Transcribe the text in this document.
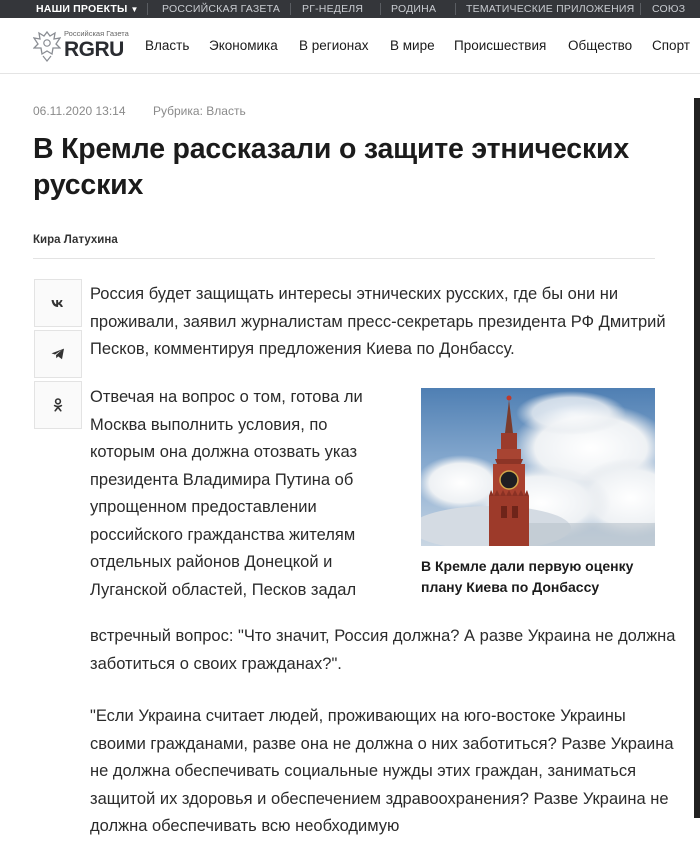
НАШИ ПРОЕКТЫ ▼ РОССИЙСКАЯ ГАЗЕТА РГ-НЕДЕЛЯ	РОДИНА	ТЕМАТИЧЕСКИЕ ПРИЛОЖЕНИЯ СОЮЗ
Российская Газета
RGRU Власть Экономика В регионах В мире Происшествия Общество Спорт
06.11.2020 13:14 Рубрика: Власть
В Кремле рассказали о защите этнических русских
Кира Латухина

Россия будет защищать интересы этнических русских, где бы они ни проживали, заявил журналистам пресс-секретарь президента РФ Дмитрий Песков, комментируя предложения Киева по Донбассу.

Отвечая на вопрос о том, готова ли
Москва выполнить условия, по
которым она должна отозвать указ
президента Владимира Путина об
упрощенном предоставлении
российского гражданства жителям
отдельных районов Донецкой и
Луганской областей, Песков задал

встречный вопрос: "Что значит, Россия должна? А разве Украина не должна заботиться о своих гражданах?".

"Если Украина считает людей, проживающих на юго-востоке Украины своими гражданами, разве она не должна о них заботиться? Разве Украина не должна обеспечивать социальные нужды этих граждан, заниматься защитой их здоровья и обеспечением здравоохранения? Разве Украина не должна обеспечивать всю необходимую

В Кремле дали первую оценку плану Киева по Донбассу
